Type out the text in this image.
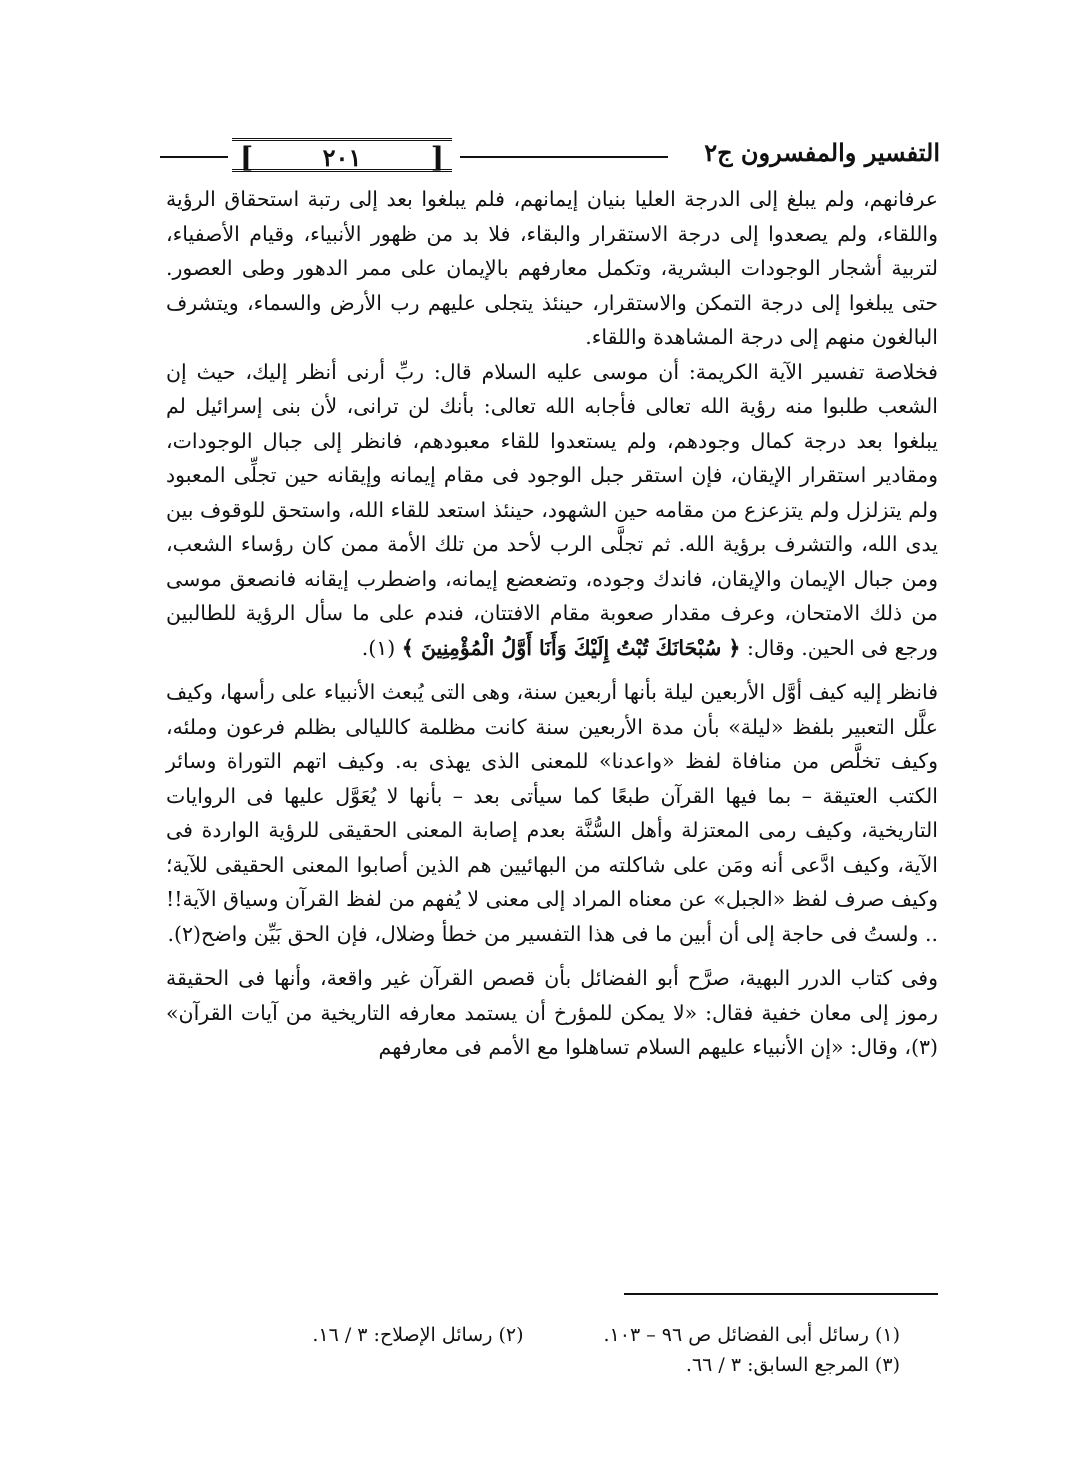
]	٢٠١ [	التفسير والمفسرون ج٢

عرفانهم، ولم يبلغ إلى الدرجة العليا بنيان إيمانهم، فلم يبلغوا بعد إلى رتبة استحقاق الرؤية واللقاء، ولم يصعدوا إلى درجة الاستقرار والبقاء، فلا بد من ظهور الأنبياء، وقيام الأصفياء، لتربية أشجار الوجودات البشرية، وتكمل معارفهم بالإيمان على ممر الدهور وطى العصور. حتى يبلغوا إلى درجة التمكن والاستقرار، حينئذ يتجلى عليهم رب الأرض والسماء، ويتشرف البالغون منهم إلى درجة المشاهدة واللقاء.

فخلاصة تفسير الآية الكريمة: أن موسى عليه السلام قال: ربِّ أرنى أنظر إليك، حيث إن الشعب طلبوا منه رؤية الله تعالى فأجابه الله تعالى: بأنك لن ترانى، لأن بنى إسرائيل لم يبلغوا بعد درجة كمال وجودهم، ولم يستعدوا للقاء معبودهم، فانظر إلى جبال الوجودات، ومقادير استقرار الإيقان، فإن استقر جبل الوجود فى مقام إيمانه وإيقانه حين تجلِّى المعبود ولم يتزلزل ولم يتزعزع من مقامه حين الشهود، حينئذ استعد للقاء الله، واستحق للوقوف بين يدى الله، والتشرف برؤية الله. ثم تجلَّى الرب لأحد من تلك الأمة ممن كان رؤساء الشعب، ومن جبال الإيمان والإيقان، فاندك وجوده، وتضعضع إيمانه، واضطرب إيقانه فانصعق موسى من ذلك الامتحان، وعرف مقدار صعوبة مقام الافتتان، فندم على ما سأل الرؤية للطالبين ورجع فى الحين. وقال: ﴿ سُبْحَانَكَ تُبْتُ إِلَيْكَ وَأَنَا أَوَّلُ الْمُؤْمِنِينَ ﴾ (١).

فانظر إليه كيف أوَّل الأربعين ليلة بأنها أربعين سنة، وهى التى يُبعث الأنبياء على رأسها، وكيف علَّل التعبير بلفظ «ليلة» بأن مدة الأربعين سنة كانت مظلمة كالليالى بظلم فرعون وملئه، وكيف تخلَّص من منافاة لفظ «واعدنا» للمعنى الذى يهذى به. وكيف اتهم التوراة وسائر الكتب العتيقة – بما فيها القرآن طبعًا كما سيأتى بعد – بأنها لا يُعَوَّل عليها فى الروايات التاريخية، وكيف رمى المعتزلة وأهل السُّنَّة بعدم إصابة المعنى الحقيقى للرؤية الواردة فى الآية، وكيف ادَّعى أنه ومَن على شاكلته من البهائيين هم الذين أصابوا المعنى الحقيقى للآية؛ وكيف صرف لفظ «الجبل» عن معناه المراد إلى معنى لا يُفهم من لفظ القرآن وسياق الآية!! .. ولستُ فى حاجة إلى أن أبين ما فى هذا التفسير من خطأ وضلال، فإن الحق بَيِّن واضح(٢).

وفى كتاب الدرر البهية، صرَّح أبو الفضائل بأن قصص القرآن غير واقعة، وأنها فى الحقيقة رموز إلى معان خفية فقال: «لا يمكن للمؤرخ أن يستمد معارفه التاريخية من آيات القرآن» (٣)، وقال: «إن الأنبياء عليهم السلام تساهلوا مع الأمم فى معارفهم

(١) رسائل أبى الفضائل ص ٩٦ – ١٠٣.
(٢) رسائل الإصلاح: ٣ / ١٦.
(٣) المرجع السابق: ٣ / ٦٦.
